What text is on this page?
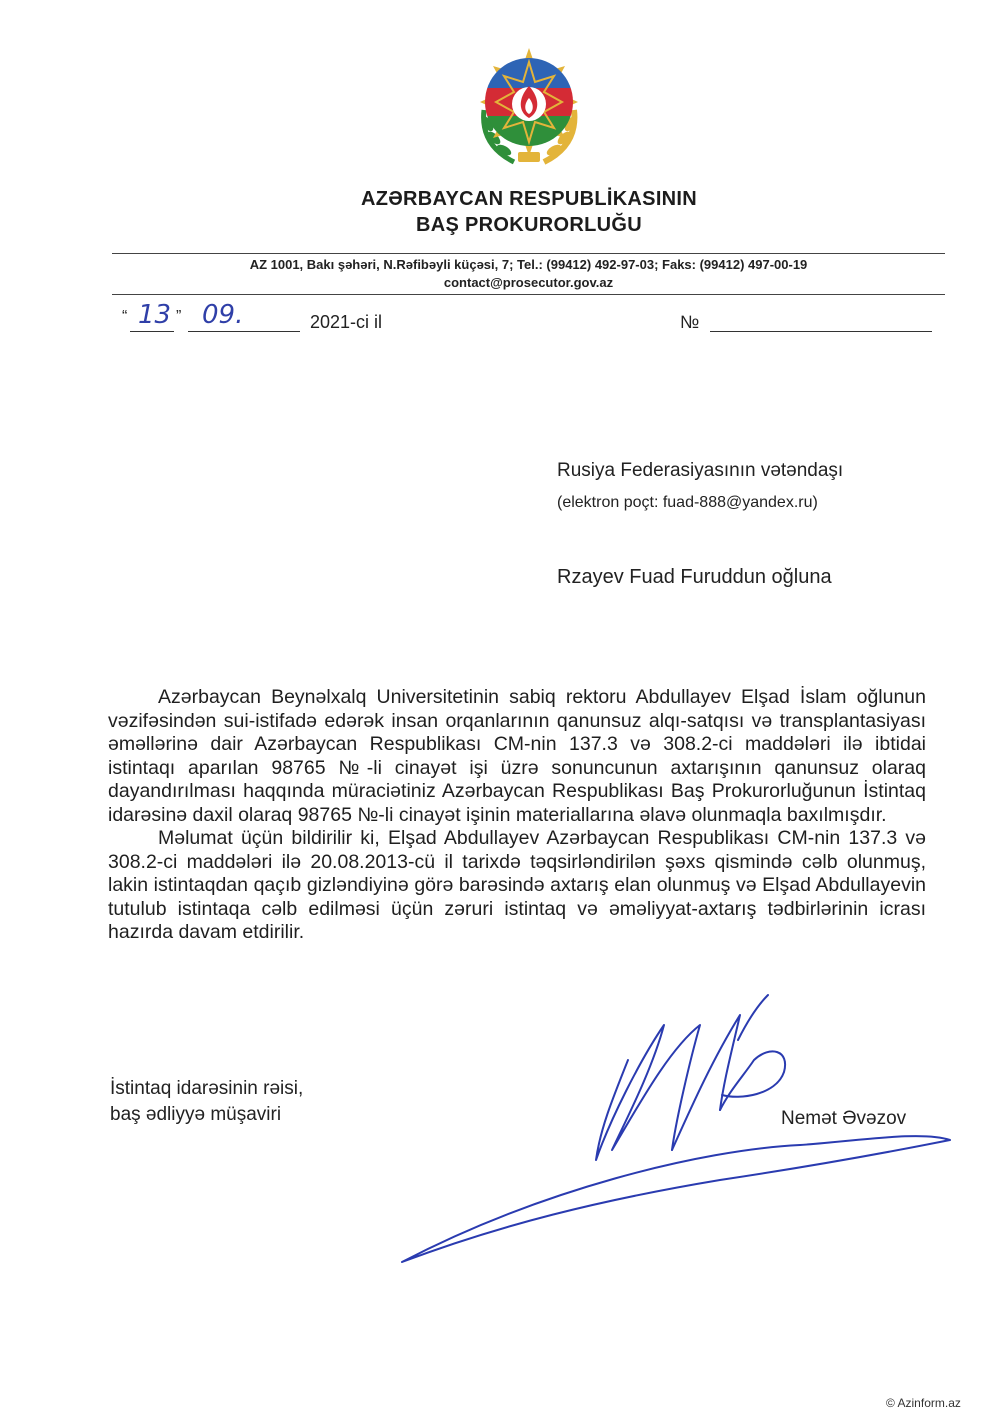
AZƏRBAYCAN RESPUBLİKASININ
BAŞ PROKURORLUĞU
AZ 1001, Bakı şəhəri, N.Rəfibəyli küçəsi, 7; Tel.: (99412) 492-97-03; Faks: (99412) 497-00-19
contact@prosecutor.gov.az
“ 13 ” 09.	2021-ci il	№
Rusiya Federasiyasının vətəndaşı
(elektron poçt: fuad-888@yandex.ru)
Rzayev Fuad Furuddun oğluna

Azərbaycan Beynəlxalq Universitetinin sabiq rektoru Abdullayev Elşad İslam oğlunun vəzifəsindən sui-istifadə edərək insan orqanlarının qanunsuz alqı-satqısı və transplantasiyası əməllərinə dair Azərbaycan Respublikası CM-nin 137.3 və 308.2-ci maddələri ilə ibtidai istintaqı aparılan 98765 №-li cinayət işi üzrə sonuncunun axtarışının qanunsuz olaraq dayandırılması haqqında müraciətiniz Azərbaycan Respublikası Baş Prokurorluğunun İstintaq idarəsinə daxil olaraq 98765 №-li cinayət işinin materiallarına əlavə olunmaqla baxılmışdır.

Məlumat üçün bildirilir ki, Elşad Abdullayev Azərbaycan Respublikası CM-nin 137.3 və 308.2-ci maddələri ilə 20.08.2013-cü il tarixdə təqsirləndirilən şəxs qismində cəlb olunmuş, lakin istintaqdan qaçıb gizləndiyinə görə barəsində axtarış elan olunmuş və Elşad Abdullayevin tutulub istintaqa cəlb edilməsi üçün zəruri istintaq və əməliyyat-axtarış tədbirlərinin icrası hazırda davam etdirilir.

İstintaq idarəsinin rəisi,
baş ədliyyə müşaviri	Nemət Əvəzov
© Azinform.az
